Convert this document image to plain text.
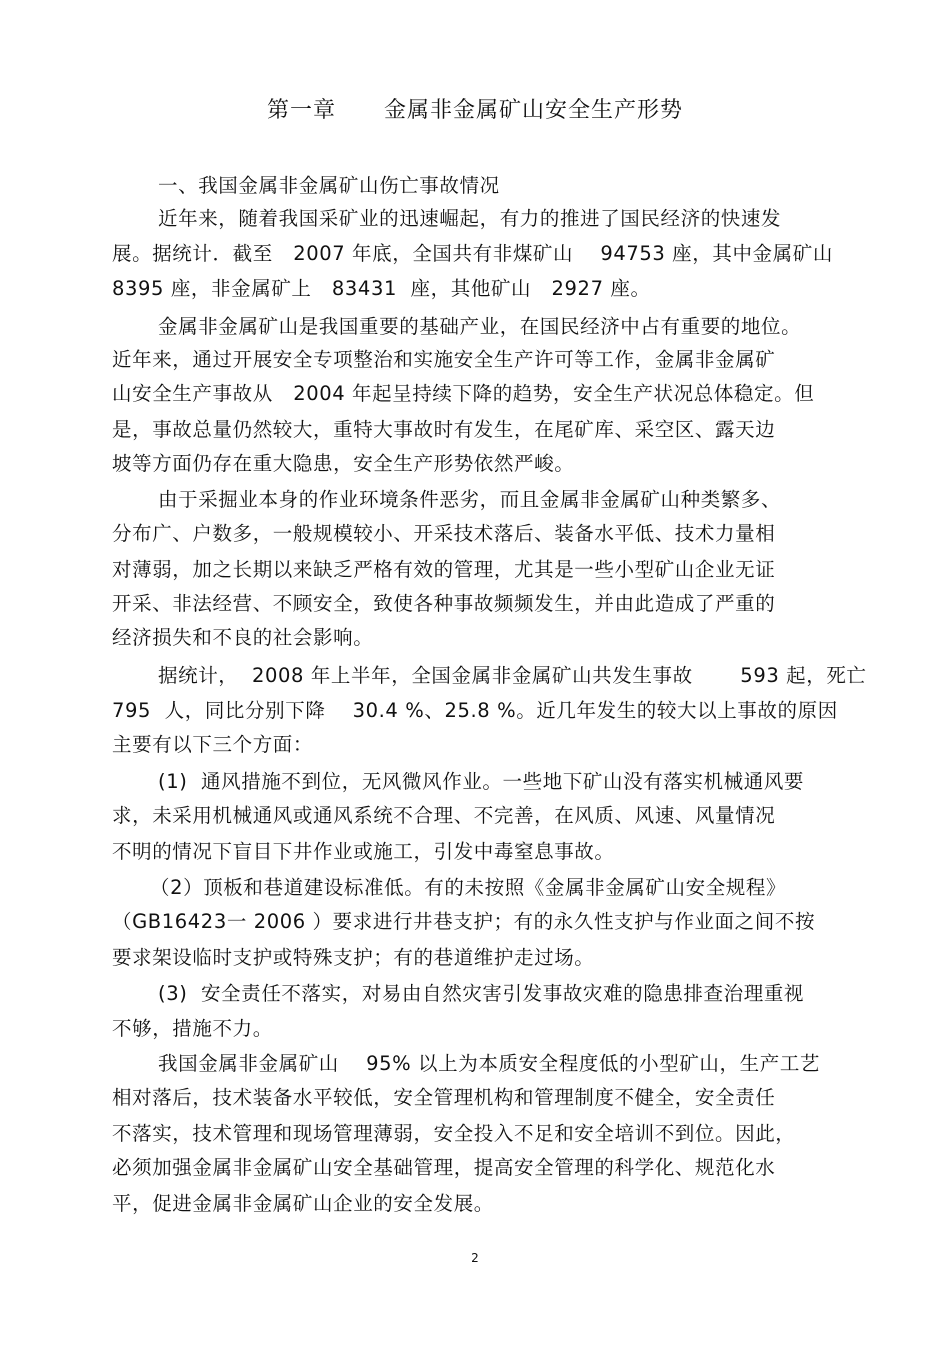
第一章      金属非金属矿山安全生产形势
一、我国金属非金属矿山伤亡事故情况
近年来，随着我国采矿业的迅速崛起，有力的推进了国民经济的快速发
展。据统计．截至   2007 年底，全国共有非煤矿山    94753 座，其中金属矿山
8395 座，非金属矿上   83431  座，其他矿山   2927 座。
金属非金属矿山是我国重要的基础产业，在国民经济中占有重要的地位。
近年来，通过开展安全专项整治和实施安全生产许可等工作，金属非金属矿
山安全生产事故从   2004 年起呈持续下降的趋势，安全生产状况总体稳定。但
是，事故总量仍然较大，重特大事故时有发生，在尾矿库、采空区、露天边
坡等方面仍存在重大隐患，安全生产形势依然严峻。
由于采掘业本身的作业环境条件恶劣，而且金属非金属矿山种类繁多、
分布广、户数多，一般规模较小、开采技术落后、装备水平低、技术力量相
对薄弱，加之长期以来缺乏严格有效的管理，尤其是一些小型矿山企业无证
开采、非法经营、不顾安全，致使各种事故频频发生，并由此造成了严重的
经济损失和不良的社会影响。
据统计，  2008 年上半年，全国金属非金属矿山共发生事故       593 起，死亡
795  人，同比分别下降    30.4 %、25.8 %。近几年发生的较大以上事故的原因
主要有以下三个方面：
(1)  通风措施不到位，无风微风作业。一些地下矿山没有落实机械通风要
求，未采用机械通风或通风系统不合理、不完善，在风质、风速、风量情况
不明的情况下盲目下井作业或施工，引发中毒窒息事故。
（2）顶板和巷道建设标准低。有的未按照《金属非金属矿山安全规程》
（GB16423一 2006 ）要求进行井巷支护；有的永久性支护与作业面之间不按
要求架设临时支护或特殊支护；有的巷道维护走过场。
(3)  安全责任不落实，对易由自然灾害引发事故灾难的隐患排查治理重视
不够，措施不力。
我国金属非金属矿山    95% 以上为本质安全程度低的小型矿山，生产工艺
相对落后，技术装备水平较低，安全管理机构和管理制度不健全，安全责任
不落实，技术管理和现场管理薄弱，安全投入不足和安全培训不到位。因此，
必须加强金属非金属矿山安全基础管理，提高安全管理的科学化、规范化水
平，促进金属非金属矿山企业的安全发展。
2
